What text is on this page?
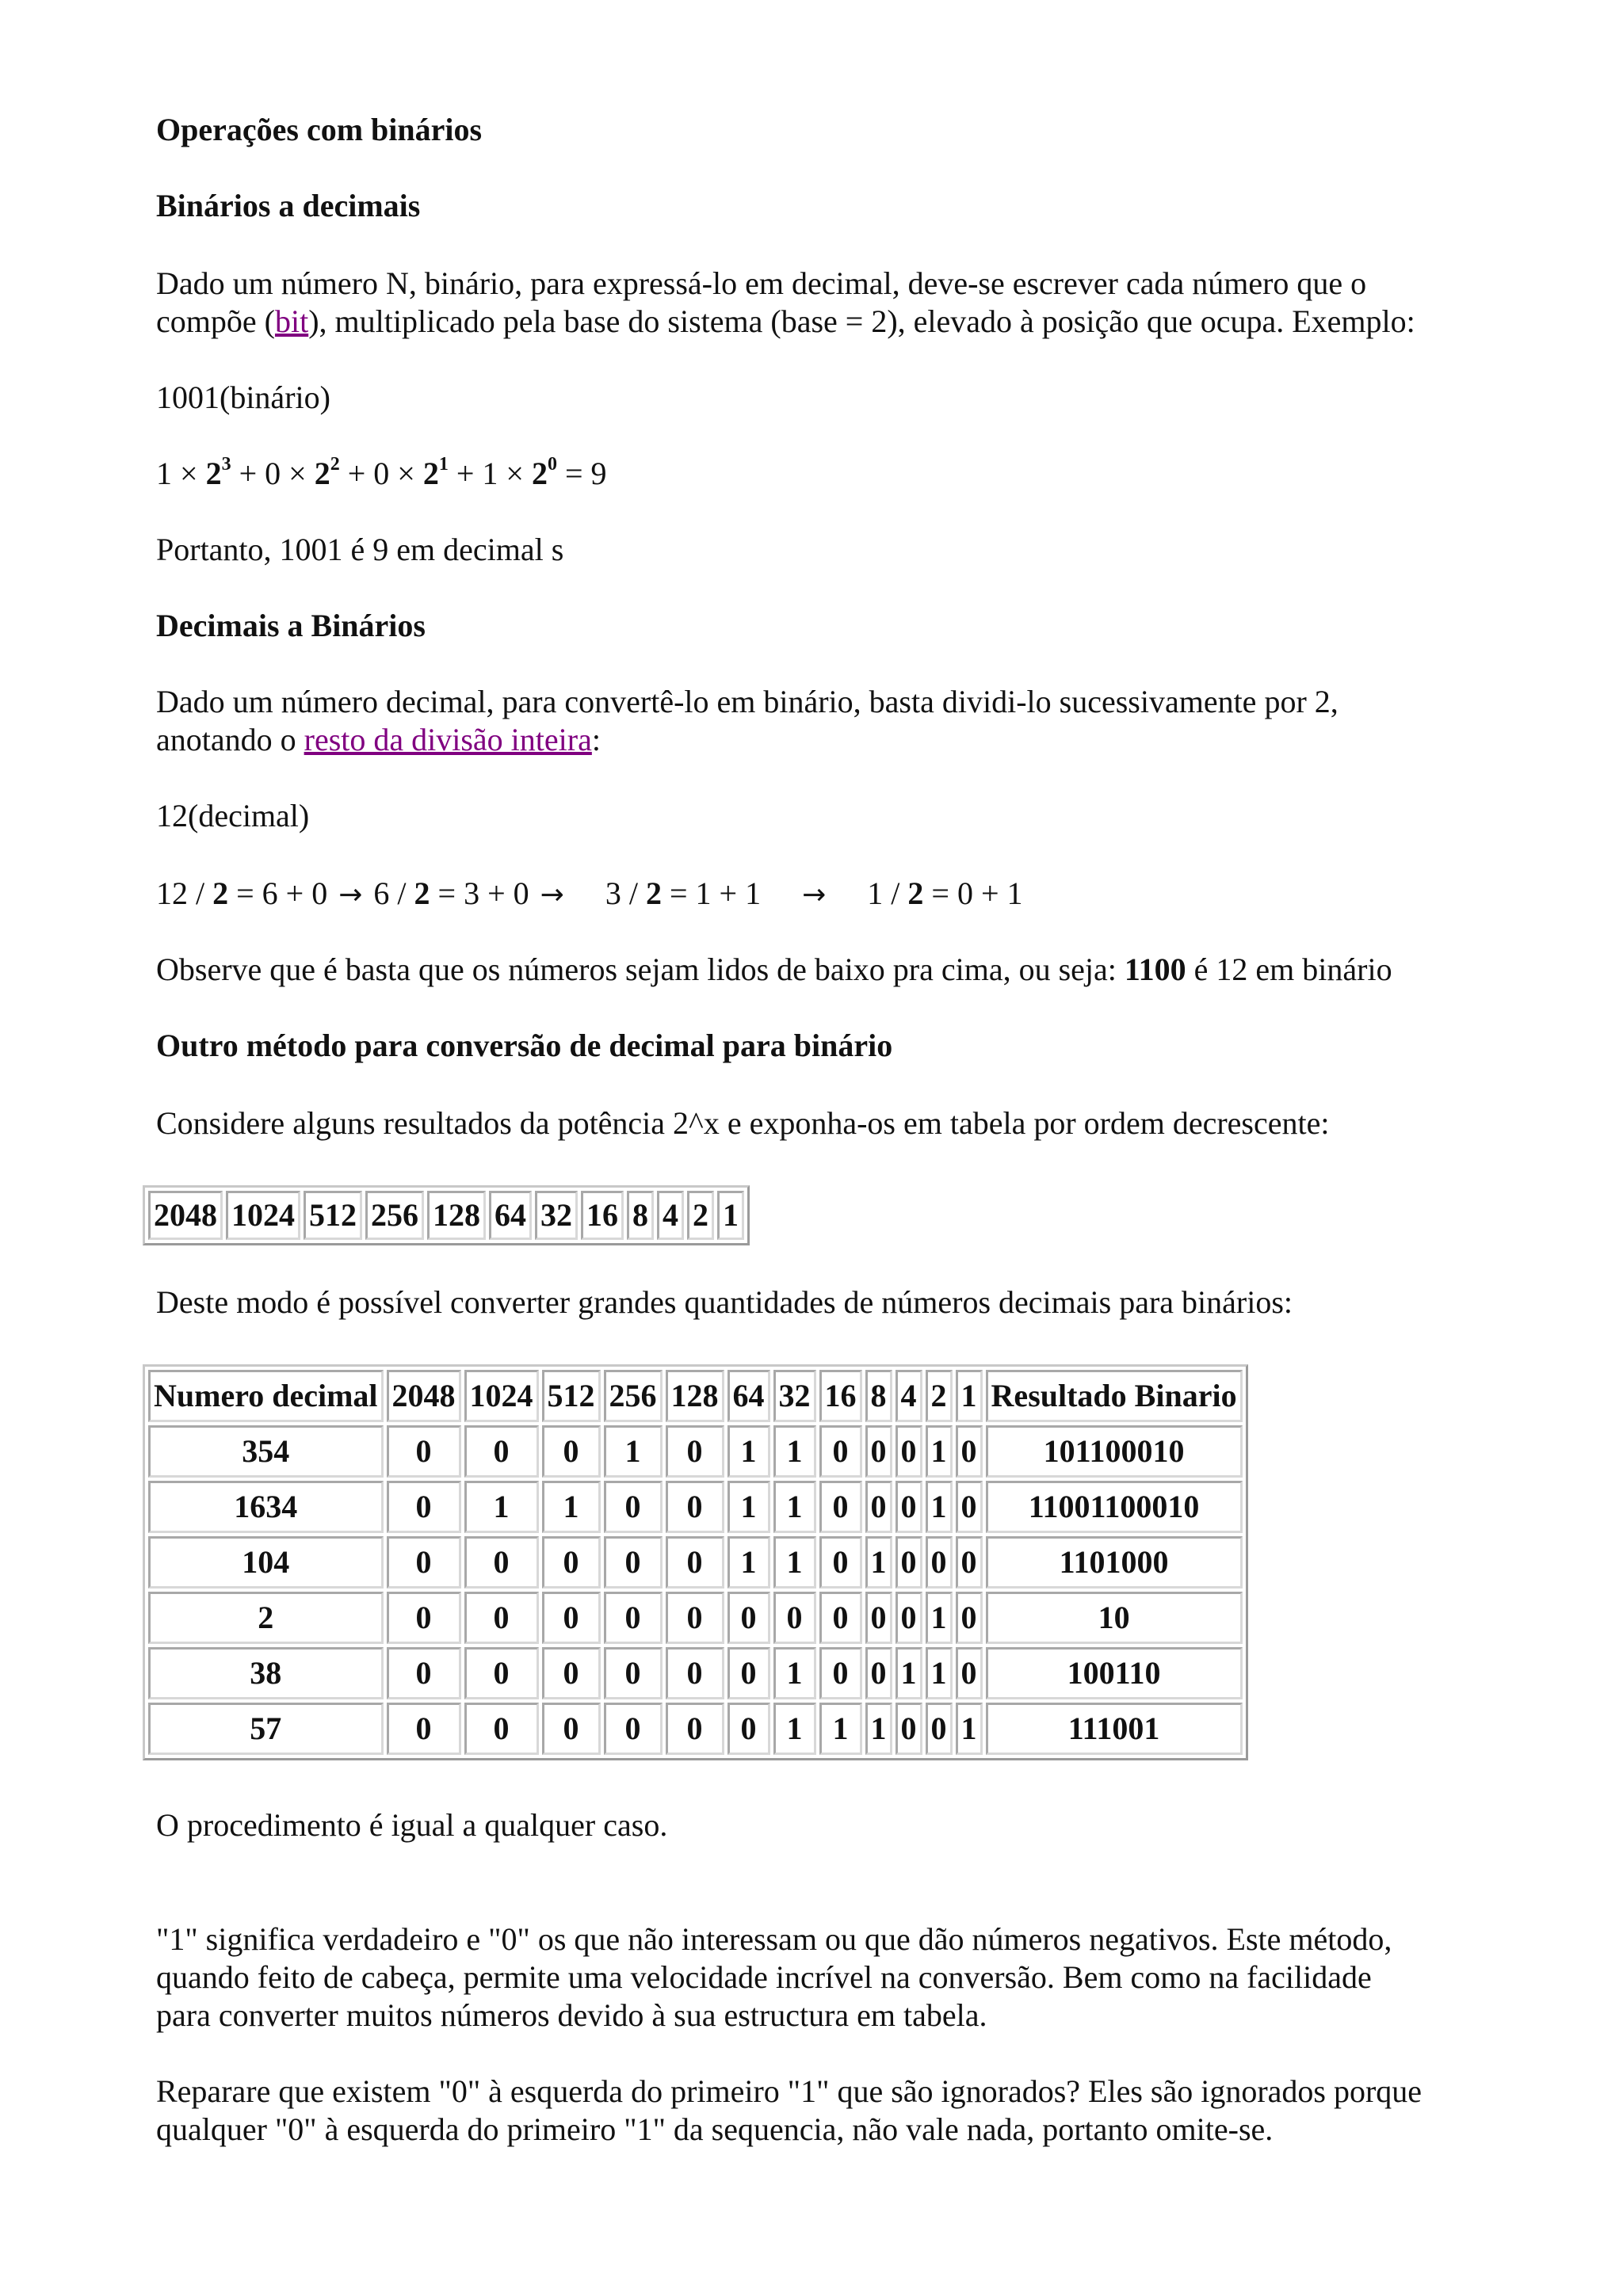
Operações com binários
Binários a decimais
Dado um número N, binário, para expressá-lo em decimal, deve-se escrever cada número que o
compõe (bit), multiplicado pela base do sistema (base = 2), elevado à posição que ocupa. Exemplo:
1001(binário)
$1 \times 2^3 + 0 \times 2^2 + 0 \times 2^1 + 1 \times 2^0 = 9$
Portanto, 1001 é 9 em decimal s
Decimais a Binários
Dado um número decimal, para convertê-lo em binário, basta dividi-lo sucessivamente por 2,
anotando o resto da divisão inteira:
12(decimal)
12 / 2 = 6 + 0 → 6 / 2 = 3 + 0 → 3 / 2 = 1 + 1 → 1 / 2 = 0 + 1
Observe que é basta que os números sejam lidos de baixo pra cima, ou seja: 1100 é 12 em binário
Outro método para conversão de decimal para binário
Considere alguns resultados da potência 2^x e exponha-os em tabela por ordem decrescente:
2048	1024	512	256	128	64	32	16	8	4	2	1
Deste modo é possível converter grandes quantidades de números decimais para binários:
Numero decimal	2048	1024	512	256	128	64	32	16	8	4	2	1	Resultado Binario
354	0	0	0	1	0	1	1	0	0	0	1	0	101100010
1634	0	1	1	0	0	1	1	0	0	0	1	0	11001100010
104	0	0	0	0	0	1	1	0	1	0	0	0	1101000
2	0	0	0	0	0	0	0	0	0	0	1	0	10
38	0	0	0	0	0	0	1	0	0	1	1	0	100110
57	0	0	0	0	0	0	1	1	1	0	0	1	111001
O procedimento é igual a qualquer caso.
"1" significa verdadeiro e "0" os que não interessam ou que dão números negativos. Este método,
quando feito de cabeça, permite uma velocidade incrível na conversão. Bem como na facilidade
para converter muitos números devido à sua estructura em tabela.
Reparare que existem "0" à esquerda do primeiro "1" que são ignorados? Eles são ignorados porque
qualquer "0" à esquerda do primeiro "1" da sequencia, não vale nada, portanto omite-se.
